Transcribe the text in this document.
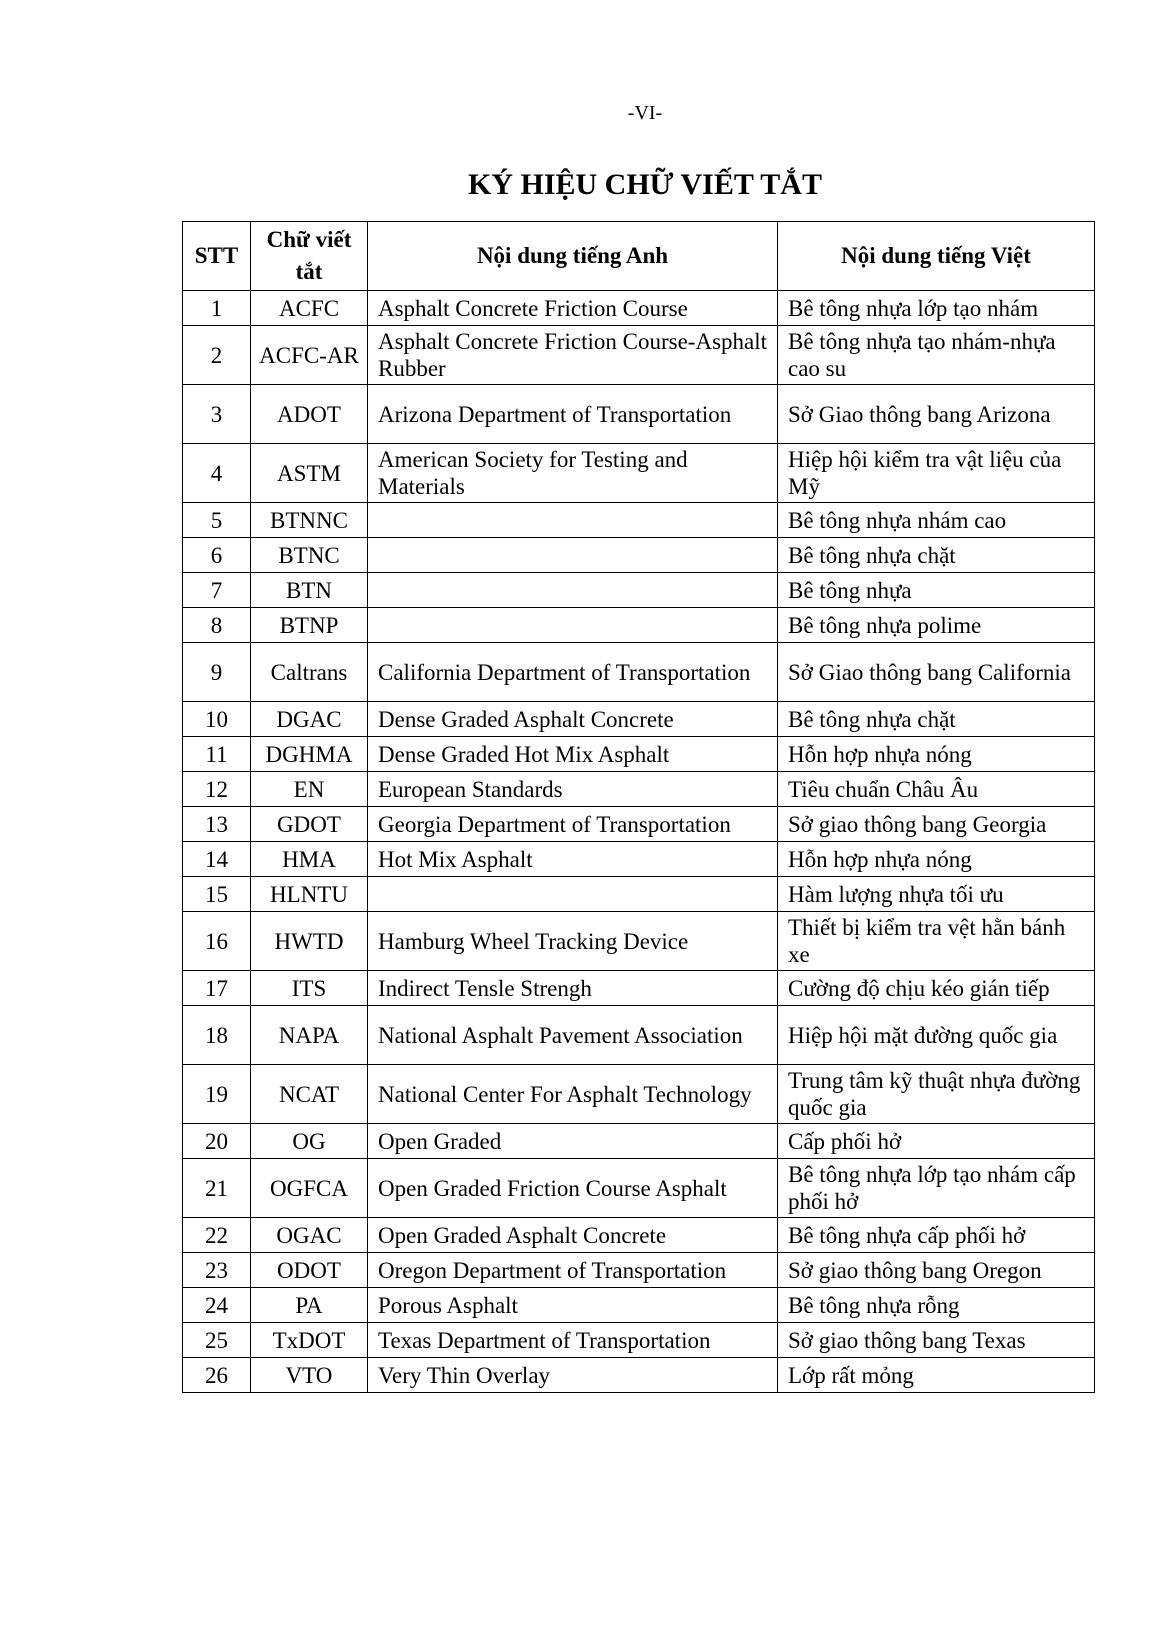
-VI-
KÝ HIỆU CHỮ VIẾT TẮT
STT	Chữ viết tắt	Nội dung tiếng Anh	Nội dung tiếng Việt
1	ACFC	Asphalt Concrete Friction Course	Bê tông nhựa lớp tạo nhám
2	ACFC-AR	Asphalt Concrete Friction Course-Asphalt Rubber	Bê tông nhựa tạo nhám-nhựa cao su
3	ADOT	Arizona Department of Transportation	Sở Giao thông bang Arizona
4	ASTM	American Society for Testing and Materials	Hiệp hội kiểm tra vật liệu của Mỹ
5	BTNNC		Bê tông nhựa nhám cao
6	BTNC		Bê tông nhựa chặt
7	BTN		Bê tông nhựa
8	BTNP		Bê tông nhựa polime
9	Caltrans	California Department of Transportation	Sở Giao thông bang California
10	DGAC	Dense Graded Asphalt Concrete	Bê tông nhựa chặt
11	DGHMA	Dense Graded Hot Mix Asphalt	Hỗn hợp nhựa nóng
12	EN	European Standards	Tiêu chuẩn Châu Âu
13	GDOT	Georgia Department of Transportation	Sở giao thông bang Georgia
14	HMA	Hot Mix Asphalt	Hỗn hợp nhựa nóng
15	HLNTU		Hàm lượng nhựa tối ưu
16	HWTD	Hamburg Wheel Tracking Device	Thiết bị kiểm tra vệt hằn bánh xe
17	ITS	Indirect Tensle Strengh	Cường độ chịu kéo gián tiếp
18	NAPA	National Asphalt Pavement Association	Hiệp hội mặt đường quốc gia
19	NCAT	National Center For Asphalt Technology	Trung tâm kỹ thuật nhựa đường quốc gia
20	OG	Open Graded	Cấp phối hở
21	OGFCA	Open Graded Friction Course Asphalt	Bê tông nhựa lớp tạo nhám cấp phối hở
22	OGAC	Open Graded Asphalt Concrete	Bê tông nhựa cấp phối hở
23	ODOT	Oregon Department of Transportation	Sở giao thông bang Oregon
24	PA	Porous Asphalt	Bê tông nhựa rỗng
25	TxDOT	Texas Department of Transportation	Sở giao thông bang Texas
26	VTO	Very Thin Overlay	Lớp rất mỏng
